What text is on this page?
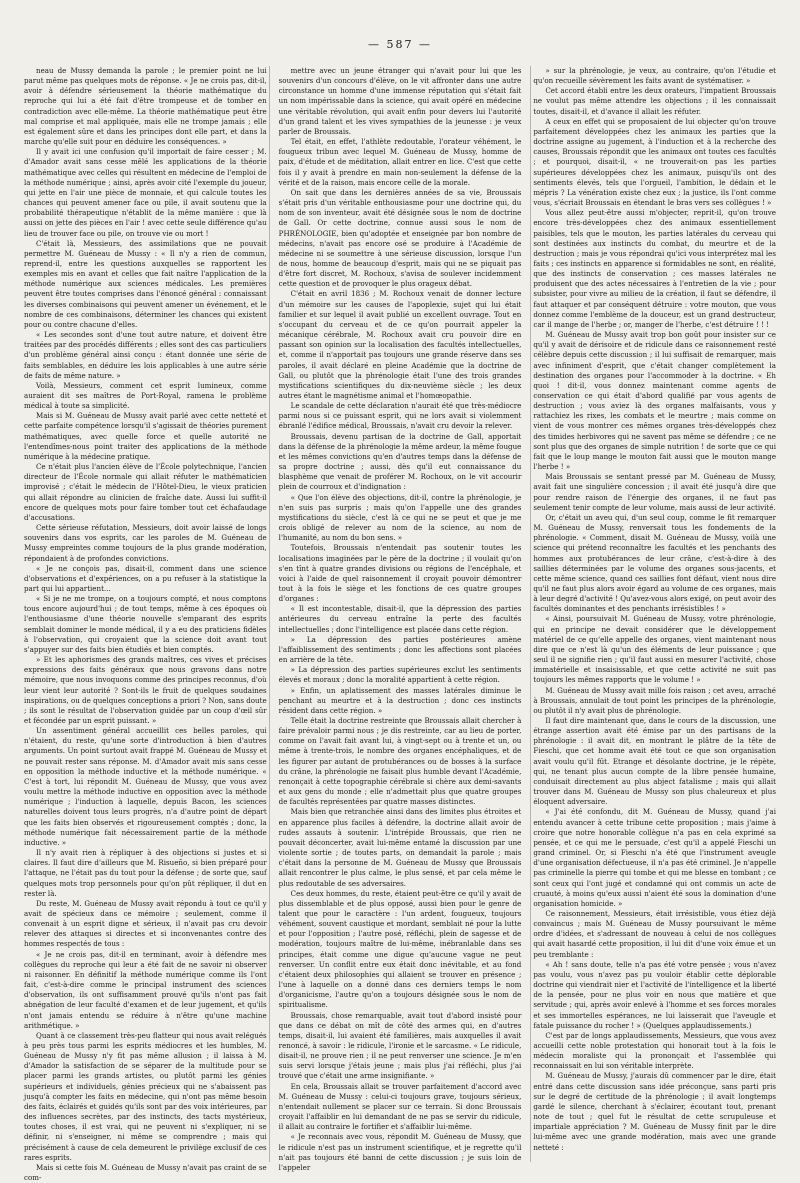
— 587 —

neau de Mussy demanda la parole ; le premier point ne lui parut même pas quelques mots de réponse. « Je ne crois pas, dit-il, avoir à défendre sérieusement la théorie mathématique du reproche qui lui a été fait d'être trompeuse et de tomber en contradiction avec elle-même. La théorie mathématique peut être mal comprise et mal appliquée, mais elle ne trompe jamais ; elle est également sûre et dans les principes dont elle part, et dans la marche qu'elle suit pour en déduire les conséquences. »

Il y avait ici une confusion qu'il importait de faire cesser ; M. d'Amador avait sans cesse mêlé les applications de la théorie mathématique avec celles qui résultent en médecine de l'emploi de la méthode numérique ; ainsi, après avoir cité l'exemple du joueur, qui jette en l'air une pièce de monnaie, et qui calcule toutes les chances qui peuvent amener face ou pile, il avait soutenu que la probabilité thérapeutique n'établit de la même manière : que là aussi on jette des pièces en l'air ! avec cette seule différence qu'au lieu de trouver face ou pile, on trouve vie ou mort !

C'était là, Messieurs, des assimilations que ne pouvait permettre M. Guéneau de Mussy : « Il n'y a rien de commun, reprend-il, entre les questions auxquelles se rapportent les exemples mis en avant et celles que fait naître l'application de la méthode numérique aux sciences médicales. Les premières peuvent être toutes comprises dans l'énoncé général : connaissant les diverses combinaisons qui peuvent amener un événement, et le nombre de ces combinaisons, déterminer les chances qui existent pour ou contre chacune d'elles.

« Les secondes sont d'une tout autre nature, et doivent être traitées par des procédés différents ; elles sont des cas particuliers d'un problème général ainsi conçu : étant donnée une série de faits semblables, en déduire les lois applicables à une autre série de faits de même nature. »

Voilà, Messieurs, comment cet esprit lumineux, comme auraient dit ses maîtres de Port-Royal, ramena le problème médical à toute sa simplicité.

Mais si M. Guéneau de Mussy avait parlé avec cette netteté et cette parfaite compétence lorsqu'il s'agissait de théories purement mathématiques, avec quelle force et quelle autorité ne l'entendîmes-nous point traiter des applications de la méthode numérique à la médecine pratique.

Ce n'était plus l'ancien élève de l'École polytechnique, l'ancien directeur de l'École normale qui allait réfuter le mathématicien improvisé ; c'était le médecin de l'Hôtel-Dieu, le vieux praticien qui allait répondre au clinicien de fraîche date. Aussi lui suffit-il encore de quelques mots pour faire tomber tout cet échafaudage d'accusations.

Cette sérieuse réfutation, Messieurs, doit avoir laissé de longs souvenirs dans vos esprits, car les paroles de M. Guéneau de Mussy empreintes comme toujours de la plus grande modération, répondaient à de profondes convictions.

« Je ne conçois pas, disait-il, comment dans une science d'observations et d'expériences, on a pu refuser à la statistique la part qui lui appartient...

« Si je ne me trompe, on a toujours compté, et nous comptons tous encore aujourd'hui ; de tout temps, même à ces époques où l'enthousiasme d'une théorie nouvelle s'emparant des esprits semblait dominer le monde médical, il y a eu des praticiens fidèles à l'observation, qui croyaient que la science doit avant tout s'appuyer sur des faits bien étudiés et bien comptés.

» Et les aphorismes des grands maîtres, ces vives et précises expressions des faits généraux que nous gravons dans notre mémoire, que nous invoquons comme des principes reconnus, d'où leur vient leur autorité ? Sont-ils le fruit de quelques soudaines inspirations, ou de quelques conceptions a priori ? Non, sans doute ; ils sont le résultat de l'observation guidée par un coup d'œil sûr et fécondée par un esprit puissant. »

Un assentiment général accueillit ces belles paroles, qui n'étaient, du reste, qu'une sorte d'introduction à bien d'autres arguments. Un point surtout avait frappé M. Guéneau de Mussy et ne pouvait rester sans réponse. M. d'Amador avait mis sans cesse en opposition la méthode inductive et la méthode numérique. « C'est à tort, lui répondit M. Guéneau de Mussy, que vous avez voulu mettre la méthode inductive en opposition avec la méthode numérique ; l'induction à laquelle, depuis Bacon, les sciences naturelles doivent tous leurs progrès, n'a d'autre point de départ que les faits bien observés et rigoureusement comptés ; donc, la méthode numérique fait nécessairement partie de la méthode inductive. »

Il n'y avait rien à répliquer à des objections si justes et si claires. Il faut dire d'ailleurs que M. Risueño, si bien préparé pour l'attaque, ne l'était pas du tout pour la défense ; de sorte que, sauf quelques mots trop personnels pour qu'on pût répliquer, il dut en rester là.

Du reste, M. Guéneau de Mussy avait répondu à tout ce qu'il y avait de spécieux dans ce mémoire ; seulement, comme il convenait à un esprit digne et sérieux, il n'avait pas cru devoir relever des attaques si directes et si inconvenantes contre des hommes respectés de tous :

« Je ne crois pas, dit-il en terminant, avoir à défendre mes collègues du reproche qui leur a été fait de ne savoir ni observer ni raisonner. En définitif la méthode numérique comme ils l'ont fait, c'est-à-dire comme le principal instrument des sciences d'observation, ils ont suffisamment prouvé qu'ils n'ont pas fait abnégation de leur faculté d'examen et de leur jugement, et qu'ils n'ont jamais entendu se réduire à n'être qu'une machine arithmétique. »

Quant à ce classement très-peu flatteur qui nous avait relégués à peu près tous parmi les esprits médiocres et les humbles, M. Guéneau de Mussy n'y fit pas même allusion ; il laissa à M. d'Amador la satisfaction de se séparer de la multitude pour se placer parmi les grands artistes, ou plutôt parmi les génies supérieurs et individuels, génies précieux qui ne s'abaissent pas jusqu'à compter les faits en médecine, qui n'ont pas même besoin des faits, éclairés et guidés qu'ils sont par des voix intérieures, par des influences secrètes, par des instincts, des tacts mystérieux, toutes choses, il est vrai, qui ne peuvent ni s'expliquer, ni se définir, ni s'enseigner, ni même se comprendre ; mais qui précisément à cause de cela demeurent le privilège exclusif de ces rares esprits.

Mais si cette fois M. Guéneau de Mussy n'avait pas craint de se com-

mettre avec un jeune étranger qui n'avait pour lui que les souvenirs d'un concours d'élève, on le vit affronter dans une autre circonstance un homme d'une immense réputation qui s'était fait un nom impérissable dans la science, qui avait opéré en médecine une véritable révolution, qui avait enfin pour devers lui l'autorité d'un grand talent et les vives sympathies de la jeunesse : je veux parler de Broussais.

Tel était, en effet, l'athlète redoutable, l'orateur véhément, le fougueux tribun avec lequel M. Guéneau de Mussy, homme de paix, d'étude et de méditation, allait entrer en lice. C'est que cette fois il y avait à prendre en main non-seulement la défense de la vérité et de la raison, mais encore celle de la morale.

On sait que dans les dernières années de sa vie, Broussais s'était pris d'un véritable enthousiasme pour une doctrine qui, du nom de son inventeur, avait été désignée sous le nom de doctrine de Gall. Or cette doctrine, connue aussi sous le nom de PHRÉNOLOGIE, bien qu'adoptée et enseignée par bon nombre de médecins, n'avait pas encore osé se produire à l'Académie de médecine ni se soumettre à une sérieuse discussion, lorsque l'un de nous, homme de beaucoup d'esprit, mais qui ne se piquait pas d'être fort discret, M. Rochoux, s'avisa de soulever incidemment cette question et de provoquer le plus orageux débat.

C'était en avril 1836 ; M. Rochoux venait de donner lecture d'un mémoire sur les causes de l'apoplexie, sujet qui lui était familier et sur lequel il avait publié un excellent ouvrage. Tout en s'occupant du cerveau et de ce qu'on pourrait appeler la mécanique cérébrale, M. Rochoux avait cru pouvoir dire en passant son opinion sur la localisation des facultés intellectuelles, et, comme il n'apportait pas toujours une grande réserve dans ses paroles, il avait déclaré en pleine Académie que la doctrine de Gall, ou plutôt que la phrénologie était l'une des trois grandes mystifications scientifiques du dix-neuvième siècle ; les deux autres étant le magnétisme animal et l'homœopathie.

Le scandale de cette déclaration n'aurait été que très-médiocre parmi nous si ce puissant esprit, qui ne lors avait si violemment ébranlé l'édifice médical, Broussais, n'avait cru devoir la relever.

Broussais, devenu partisan de la doctrine de Gall, apportait dans la défense de la phrénologie la même ardeur, la même fougue et les mêmes convictions qu'en d'autres temps dans la défense de sa propre doctrine ; aussi, dès qu'il eut connaissance du blasphème que venait de proférer M. Rochoux, on le vit accourir plein de courroux et d'indignation :

« Que l'on élève des objections, dit-il, contre la phrénologie, je n'en suis pas surpris ; mais qu'on l'appelle une des grandes mystifications du siècle, c'est là ce qui ne se peut et que je me crois obligé de relever au nom de la science, au nom de l'humanité, au nom du bon sens. »

Toutefois, Broussais n'entendait pas soutenir toutes les localisations imaginées par le père de la doctrine ; il voulait qu'on s'en tînt à quatre grandes divisions ou régions de l'encéphale, et voici à l'aide de quel raisonnement il croyait pouvoir démontrer tout à la fois le siège et les fonctions de ces quatre groupes d'organes :

« Il est incontestable, disait-il, que la dépression des parties antérieures du cerveau entraîne la perte des facultés intellectuelles ; donc l'intelligence est placée dans cette région.

» La dépression des parties postérieures amène l'affaiblissement des sentiments ; donc les affections sont placées en arrière de la tête.

» La dépression des parties supérieures exclut les sentiments élevés et moraux ; donc la moralité appartient à cette région.

» Enfin, un aplatissement des masses latérales diminue le penchant au meurtre et à la destruction ; donc ces instincts résident dans cette région. »

Telle était la doctrine restreinte que Broussais allait chercher à faire prévaloir parmi nous ; je dis restreinte, car au lieu de porter, comme on l'avait fait avant lui, à vingt-sept ou à trente et un, ou même à trente-trois, le nombre des organes encéphaliques, et de les figurer par autant de protubérances ou de bosses à la surface du crâne, la phrénologie ne faisait plus humble devant l'Académie, renonçait à cette topographie cérébrale si chère aux demi-savants et aux gens du monde ; elle n'admettait plus que quatre groupes de facultés représentées par quatre masses distinctes.

Mais bien que retranchée ainsi dans des limites plus étroites et en apparence plus faciles à défendre, la doctrine allait avoir de rudes assauts à soutenir. L'intrépide Broussais, que rien ne pouvait déconcerter, avait lui-même entamé la discussion par une violente sortie ; de toutes parts, on demandait la parole ; mais c'était dans la personne de M. Guéneau de Mussy que Broussais allait rencontrer le plus calme, le plus sensé, et par cela même le plus redoutable de ses adversaires.

Ces deux hommes, du reste, étaient peut-être ce qu'il y avait de plus dissemblable et de plus opposé, aussi bien pour le genre de talent que pour le caractère : l'un ardent, fougueux, toujours véhément, souvent caustique et mordant, semblait né pour la lutte et pour l'opposition ; l'autre posé, réfléchi, plein de sagesse et de modération, toujours maître de lui-même, inébranlable dans ses principes, était comme une digue qu'aucune vague ne peut renverser. Un conflit entre eux était donc inévitable, et au fond c'étaient deux philosophies qui allaient se trouver en présence ; l'une à laquelle on a donné dans ces derniers temps le nom d'organicisme, l'autre qu'on a toujours désignée sous le nom de spiritualisme.

Broussais, chose remarquable, avait tout d'abord insisté pour que dans ce débat on mît de côté des armes qui, en d'autres temps, disait-il, lui avaient été familières, mais auxquelles il avait renoncé, à savoir : le ridicule, l'ironie et le sarcasme. « Le ridicule, disait-il, ne prouve rien ; il ne peut renverser une science. Je m'en suis servi lorsque j'étais jeune ; mais plus j'ai réfléchi, plus j'ai trouvé que c'était une arme insignifiante. »

En cela, Broussais allait se trouver parfaitement d'accord avec M. Guéneau de Mussy : celui-ci toujours grave, toujours sérieux, n'entendait nullement se placer sur ce terrain. Si donc Broussais croyait l'affaiblir en lui demandant de ne pas se servir du ridicule, il allait au contraire le fortifier et s'affaiblir lui-même.

« Je reconnais avec vous, répondit M. Guéneau de Mussy, que le ridicule n'est pas un instrument scientifique, et je regrette qu'il n'ait pas toujours été banni de cette discussion ; je suis loin de l'appeler

» sur la phrénologie, je veux, au contraire, qu'on l'étudie et qu'on recueille sévèrement les faits avant de systématiser. »

Cet accord établi entre les deux orateurs, l'impatient Broussais ne voulut pas même attendre les objections ; il les connaissait toutes, disait-il, et d'avance il allait les réfuter.

A ceux en effet qui se proposaient de lui objecter qu'on trouve parfaitement développées chez les animaux les parties que la doctrine assigne au jugement, à l'induction et à la recherche des causes, Broussais répondit que les animaux ont toutes ces facultés ; et pourquoi, disait-il, « ne trouverait-on pas les parties supérieures développées chez les animaux, puisqu'ils ont des sentiments élevés, tels que l'orgueil, l'ambition, le dédain et le mépris ? La vénération existe chez eux ; la justice, ils l'ont comme vous, s'écriait Broussais en étendant le bras vers ses collègues ! »

Vous allez peut-être aussi m'objecter, reprit-il, qu'on trouve encore très-développées chez des animaux essentiellement paisibles, tels que le mouton, les parties latérales du cerveau qui sont destinées aux instincts du combat, du meurtre et de la destruction ; mais je vous répondrai qu'ici vous interprétez mal les faits ; ces instincts en apparence si formidables ne sont, en réalité, que des instincts de conservation ; ces masses latérales ne produisent que des actes nécessaires à l'entretien de la vie ; pour subsister, pour vivre au milieu de la création, il faut se défendre, il faut attaquer et par conséquent détruire : votre mouton, que vous donnez comme l'emblème de la douceur, est un grand destructeur, car il mange de l'herbe ; or, manger de l'herbe, c'est détruire ! ! !

M. Guéneau de Mussy avait trop bon goût pour insister sur ce qu'il y avait de dérisoire et de ridicule dans ce raisonnement resté célèbre depuis cette discussion ; il lui suffisait de remarquer, mais avec infiniment d'esprit, que c'était changer complètement la destination des organes pour l'accommoder à la doctrine. « Eh quoi ! dit-il, vous donnez maintenant comme agents de conservation ce qui était d'abord qualifié par vous agents de destruction ; vous aviez là des organes malfaisants, vous y rattachiez les rixes, les combats et le meurtre ; mais comme on vient de vous montrer ces mêmes organes très-développés chez des timides herbivores qui ne savent pas même se défendre ; ce ne sont plus que des organes de simple nutrition ! de sorte que ce qui fait que le loup mange le mouton fait aussi que le mouton mange l'herbe ! »

Mais Broussais se sentant pressé par M. Guéneau de Mussy, avait fait une singulière concession ; il avait été jusqu'à dire que pour rendre raison de l'énergie des organes, il ne faut pas seulement tenir compte de leur volume, mais aussi de leur activité.

Or, c'était un aveu qui, d'un seul coup, comme le fit remarquer M. Guéneau de Mussy, renversait tous les fondements de la phrénologie. « Comment, disait M. Guéneau de Mussy, voilà une science qui prétend reconnaître les facultés et les penchants des hommes aux protubérances de leur crâne, c'est-à-dire à des saillies déterminées par le volume des organes sous-jacents, et cette même science, quand ces saillies font défaut, vient nous dire qu'il ne faut plus alors avoir égard au volume de ces organes, mais à leur degré d'activité ! Qu'avez-vous alors exigé, on peut avoir des facultés dominantes et des penchants irrésistibles ! »

« Ainsi, poursuivait M. Guéneau de Mussy, votre phrénologie, qui en principe ne devait considérer que le développement matériel de ce qu'elle appelle des organes, vient maintenant nous dire que ce n'est là qu'un des éléments de leur puissance ; que seul il ne signifie rien ; qu'il faut aussi en mesurer l'activité, chose immatérielle et insaisissable, et que cette activité ne suit pas toujours les mêmes rapports que le volume ! »

M. Guéneau de Mussy avait mille fois raison ; cet aveu, arraché à Broussais, annulait de tout point les principes de la phrénologie, ou plutôt il n'y avait plus de phrénologie.

Il faut dire maintenant que, dans le cours de la discussion, une étrange assertion avait été émise par un des partisans de la phrénologie : il avait dit, en montrant le plâtre de la tête de Fieschi, que cet homme avait été tout ce que son organisation avait voulu qu'il fût. Etrange et désolante doctrine, je le répète, qui, ne tenant plus aucun compte de la libre pensée humaine, conduisait directement au plus abject fatalisme ; mais qui allait trouver dans M. Guéneau de Mussy son plus chaleureux et plus éloquent adversaire.

« J'ai été confondu, dit M. Guéneau de Mussy, quand j'ai entendu avancer à cette tribune cette proposition ; mais j'aime à croire que notre honorable collègue n'a pas en cela exprimé sa pensée, et ce qui me le persuade, c'est qu'il a appelé Fieschi un grand criminel. Or, si Fieschi n'a été que l'instrument aveugle d'une organisation défectueuse, il n'a pas été criminel. Je n'appelle pas criminelle la pierre qui tombe et qui me blesse en tombant ; ce sont ceux qui l'ont jugé et condamné qui ont commis un acte de cruauté, à moins qu'eux aussi n'aient été sous la domination d'une organisation homicide. »

Ce raisonnement, Messieurs, était irrésistible, vous étiez déjà convaincus ; mais M. Guéneau de Mussy poursuivant le même ordre d'idées, et s'adressant de nouveau à celui de nos collègues qui avait hasardé cette proposition, il lui dit d'une voix émue et un peu tremblante :

« Ah ! sans doute, telle n'a pas été votre pensée ; vous n'avez pas voulu, vous n'avez pas pu vouloir établir cette déplorable doctrine qui viendrait nier et l'activité de l'intelligence et la liberté de la pensée, pour ne plus voir en nous que matière et que servitude ; qui, après avoir enlevé à l'homme et ses forces morales et ses immortelles espérances, ne lui laisserait que l'aveugle et fatale puissance du rocher ! » (Quelques applaudissements.)

C'est par de longs applaudissements, Messieurs, que vous avez accueilli cette noble protestation qui honorait tout à la fois le médecin moraliste qui la prononçait et l'assemblée qui reconnaissait en lui son véritable interprète.

M. Guéneau de Mussy, j'aurais dû commencer par le dire, était entré dans cette discussion sans idée préconçue, sans parti pris sur le degré de certitude de la phrénologie ; il avait longtemps gardé le silence, cherchant à s'éclairer, écoutant tout, prenant note de tout ; quel fut le résultat de cette scrupuleuse et impartiale appréciation ? M. Guéneau de Mussy finit par le dire lui-même avec une grande modération, mais avec une grande netteté :
